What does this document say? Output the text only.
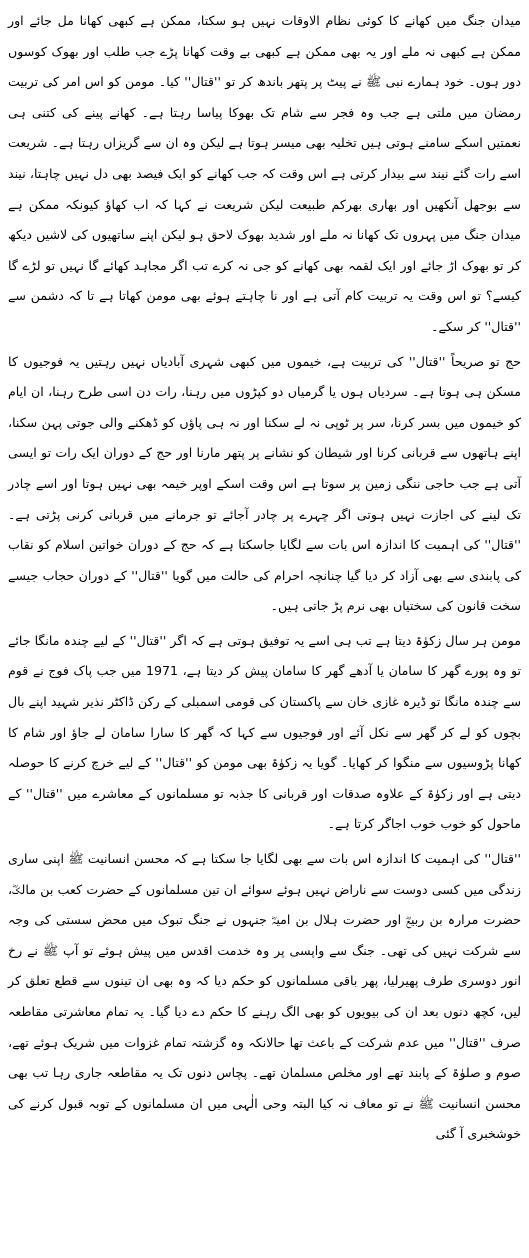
میدان جنگ میں کھانے کا کوئی نظام الاوقات نہیں ہو سکتا، ممکن ہے کبھی کھانا مل جائے اور ممکن ہے کبھی نہ ملے اور یہ بھی ممکن ہے کبھی بے وقت کھانا پڑے جب طلب اور بھوک کوسوں دور ہوں۔ خود ہمارے نبی ﷺ نے پیٹ پر پتھر باندھ کر تو ''قتال'' کیا۔ مومن کو اس امر کی تربیت رمضان میں ملتی ہے جب وہ فجر سے شام تک بھوکا پیاسا رہتا ہے۔ کھانے پینے کی کتنی ہی نعمتیں اسکے سامنے ہوتی ہیں تخلیہ بھی میسر ہوتا ہے لیکن وہ ان سے گریزاں رہتا ہے۔ شریعت اسے رات گئے نیند سے بیدار کرتی ہے اس وقت کہ جب کھانے کو ایک فیصد بھی دل نہیں چاہتا، نیند سے بوجھل آنکھیں اور بھاری بھرکم طبیعت لیکن شریعت نے کہا کہ اب کھاؤ کیونکہ ممکن ہے میدان جنگ میں پہروں تک کھانا نہ ملے اور شدید بھوک لاحق ہو لیکن اپنے ساتھیوں کی لاشیں دیکھ کر تو بھوک اڑ جائے اور ایک لقمہ بھی کھانے کو جی نہ کرے تب اگر مجاہد کھائے گا نہیں تو لڑے گا کیسے؟ تو اس وقت یہ تربیت کام آتی ہے اور نا چاہتے ہوئے بھی مومن کھاتا ہے تا کہ دشمن سے ''قتال'' کر سکے۔

حج تو صریحاً ''قتال'' کی تربیت ہے، خیموں میں کبھی شہری آبادیاں نہیں رہتیں یہ فوجیوں کا مسکن ہی ہوتا ہے۔ سردیاں ہوں یا گرمیاں دو کپڑوں میں رہنا، رات دن اسی طرح رہنا، ان ایام کو خیموں میں بسر کرنا، سر پر ٹوپی نہ لے سکنا اور نہ ہی پاؤں کو ڈھکنے والی جوتی پہن سکنا، اپنے ہاتھوں سے قربانی کرنا اور شیطان کو نشانے پر پتھر مارنا اور حج کے دوران ایک رات تو ایسی آتی ہے جب حاجی ننگی زمین پر سوتا ہے اس وقت اسکے اوپر خیمہ بھی نہیں ہوتا اور اسے چادر تک لینے کی اجازت نہیں ہوتی اگر چہرے پر چادر آجائے تو جرمانے میں قربانی کرنی پڑتی ہے۔ ''قتال'' کی اہمیت کا اندازہ اس بات سے لگایا جاسکتا ہے کہ حج کے دوران خواتین اسلام کو نقاب کی پابندی سے بھی آزاد کر دیا گیا چنانچہ احرام کی حالت میں گویا ''قتال'' کے دوران حجاب جیسے سخت قانون کی سختیاں بھی نرم پڑ جاتی ہیں۔

مومن ہر سال زکوٰۃ دیتا ہے تب ہی اسے یہ توفیق ہوتی ہے کہ اگر ''قتال'' کے لیے چندہ مانگا جائے تو وہ پورے گھر کا سامان یا آدھے گھر کا سامان پیش کر دیتا ہے، 1971 میں جب پاک فوج نے قوم سے چندہ مانگا تو ڈیرہ غازی خان سے پاکستان کی قومی اسمبلی کے رکن ڈاکٹر نذیر شہید اپنے بال بچوں کو لے کر گھر سے نکل آئے اور فوجیوں سے کہا کہ گھر کا سارا سامان لے جاؤ اور شام کا کھانا پڑوسیوں سے منگوا کر کھایا۔ گویا یہ زکوٰۃ بھی مومن کو ''قتال'' کے لیے خرچ کرنے کا حوصلہ دیتی ہے اور زکوٰۃ کے علاوہ صدقات اور قربانی کا جذبہ تو مسلمانوں کے معاشرے میں ''قتال'' کے ماحول کو خوب خوب اجاگر کرتا ہے۔

''قتال'' کی اہمیت کا اندازہ اس بات سے بھی لگایا جا سکتا ہے کہ محسن انسانیت ﷺ اپنی ساری زندگی میں کسی دوست سے ناراض نہیں ہوئے سوائے ان تین مسلمانوں کے حضرت کعب بن مالکؓ، حضرت مرارہ بن ربیعؓ اور حضرت ہلال بن امیہؓ جنہوں نے جنگ تبوک میں محض سستی کی وجہ سے شرکت نہیں کی تھی۔ جنگ سے واپسی پر وہ خدمت اقدس میں پیش ہوئے تو آپ ﷺ نے رخ انور دوسری طرف پھیرلیا، پھر باقی مسلمانوں کو حکم دیا کہ وہ بھی ان تینوں سے قطع تعلق کر لیں، کچھ دنوں بعد ان کی بیویوں کو بھی الگ رہنے کا حکم دے دیا گیا۔ یہ تمام معاشرتی مقاطعہ صرف ''قتال'' میں عدم شرکت کے باعث تھا حالانکہ وہ گزشتہ تمام غزوات میں شریک ہوئے تھے، صوم و صلوٰۃ کے پابند تھے اور مخلص مسلمان تھے۔ پچاس دنوں تک یہ مقاطعہ جاری رہا تب بھی محسن انسانیت ﷺ نے تو معاف نہ کیا البتہ وحی الٰہی میں ان مسلمانوں کے توبہ قبول کرنے کی خوشخبری آ گئی
